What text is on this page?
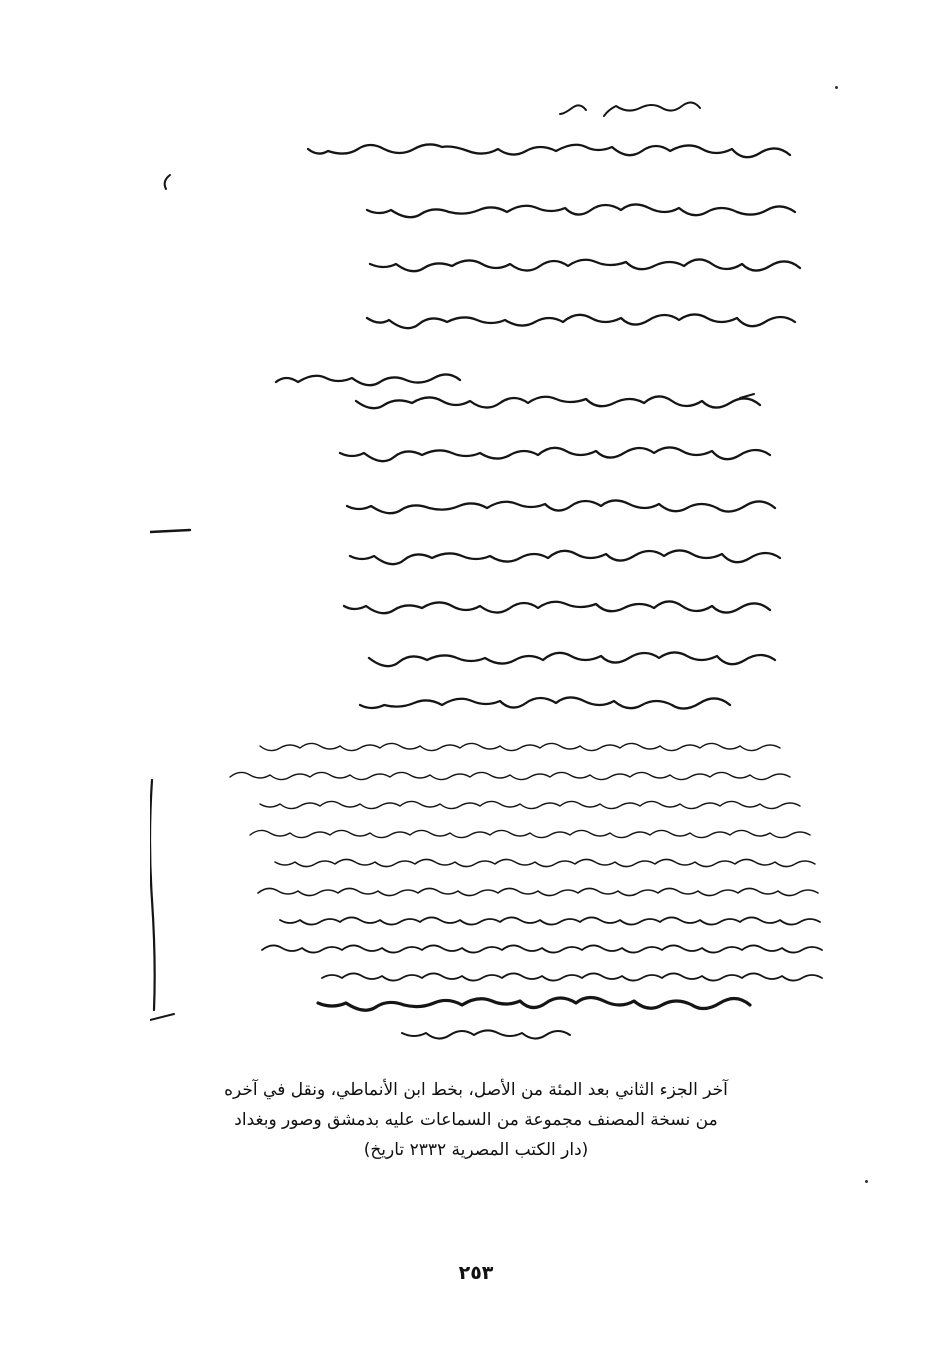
آخر الجزء الثاني بعد المئة من الأصل، بخط ابن الأنماطي، ونقل في آخره

من نسخة المصنف مجموعة من السماعات عليه بدمشق وصور وبغداد

(دار الكتب المصرية ٢٣٣٢ تاريخ)

٢٥٣
